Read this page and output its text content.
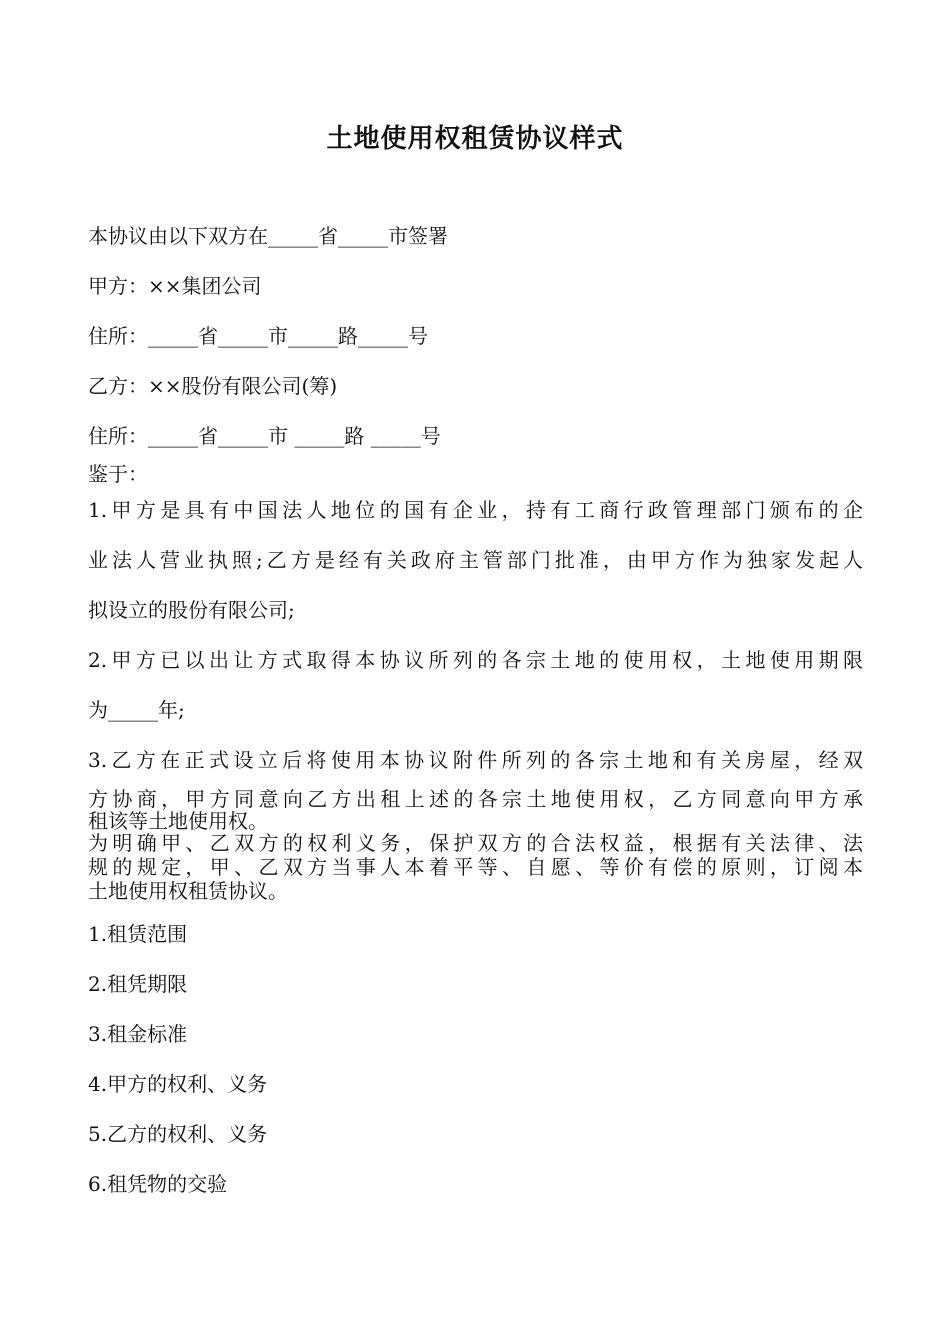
土地使用权租赁协议样式

本协议由以下双方在_____省_____市签署

甲方：××集团公司

住所：_____省_____市_____路_____号

乙方：××股份有限公司(筹)

住所：_____省_____市 _____路 _____号

鉴于：

1.甲方是具有中国法人地位的国有企业，持有工商行政管理部门颁布的企

业法人营业执照;乙方是经有关政府主管部门批准，由甲方作为独家发起人

拟设立的股份有限公司;

2.甲方已以出让方式取得本协议所列的各宗土地的使用权，土地使用期限

为_____年;

3.乙方在正式设立后将使用本协议附件所列的各宗土地和有关房屋，经双

方协商，甲方同意向乙方出租上述的各宗土地使用权，乙方同意向甲方承

租该等土地使用权。

为明确甲、乙双方的权利义务，保护双方的合法权益，根据有关法律、法

规的规定，甲、乙双方当事人本着平等、自愿、等价有偿的原则，订阅本

土地使用权租赁协议。

1.租赁范围

2.租凭期限

3.租金标准

4.甲方的权利、义务

5.乙方的权利、义务

6.租凭物的交验
